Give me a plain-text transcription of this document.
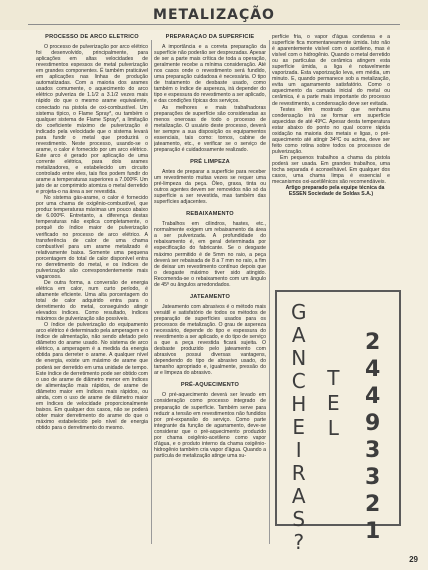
METALIZAÇÃO
PROCESSO DE ARCO ELÉTRICO

O processo de pulverização por arco elétrico foi desenvolvido, principalmente, para aplicações em altas velocidades de revestimentos espessos de metal pulverização em grandes componentes. É também praticável em aplicações nas linhas de produção automatizadas. Com a maioria dos arames usados comumente, o aquecimento do arco elétrico pulveriza de 1.1/2 a 3.1/2 vezes mais rápido do que o mesmo arame equivalente, conectado na pistola de oxi-combustível. Um sistema típico, o Flame Spray*, ou também o qualquer sistema de Flame Spray*, a limitação do coeficiente máximo de pulverização é indicado pela velocidade que o sistema levará para fundir o metal que produzirá o revestimento. Neste processo, usando-se o arame, o calor é fornecido por um arco elétrico. Este arco é gerado por aplicação de uma corrente elétrica, para dois arames metalizadores, e estabelecido um circuito controlado entre eles, tais fios podem fundir do arame a temperaturas superiores a 7.000ºF. Um jato de ar comprimido atomiza o metal derretido e projeta-o na área a ser revestida.

No sistema gás-arame, o calor é fornecido por uma chama de oxigênio-combustível, que produz temperaturas máximas um pouco abaixo de 6.000ºF. Entretanto, a diferença destas temperaturas não explica completamente, o porquê do índice maior de pulverização verificado no processo de arco elétrico. A transferência de calor de uma chama combustível para um arame metalizado é relativamente baixa. Somente uma pequena porcentagem do total de calor disponível entra no derretimento do metal, e os índices de pulverização são correspondentemente mais vagarosos.

De outra forma, a conversão de energia elétrica em calor, num curto período, é altamente eficiente. Uma alta porcentagem do total de calor adquirido entra para o derretimento do metal, conseguindo atingir elevados índices. Como resultado, índices máximos de pulverização são possíveis.

O índice de pulverização do equipamento arco elétrico é determinado pela amperagem e o índice de alimentação, não sendo afetado pelo diâmetro do arame usado. No sistema de arco elétrico, a amperagem é a medida da energia obtida para derreter o arame. A qualquer nível de energia, existe um máximo de arame que poderá ser derretido em uma unidade de tempo. Este índice de derretimento pode ser obtido com o uso de arame de diâmetro menor em índices de alimentação mais rápidos, de arame de diâmetro maior em índices mais rápidos, ou ainda, com o uso de arame de diâmetro maior em índices de velocidade proporcionalmente baixos. Em qualquer dos casos, não se poderá obter maior derretimento do arame do que o máximo estabelecido pelo nível de energia obtido para o derretimento do mesmo.

PREPARAÇÃO DA SUPERFÍCIE

A importância e a correta preparação da superfície não poderão ser desprezadas. Apesar de ser a parte mais crítica de toda a operação, geralmente recebe a mínima consideração. Até nos casos onde o revestimento será fundido, uma preparação cuidadosa é necessária. O tipo de tratamento de desbaste usado, como também o índice de aspereza, irá depender do tipo e espessura do revestimento a ser aplicado, e das condições típicas dos serviços.

As melhores e mais trabalhadoras preparações de superfície são consideradas as menos onerosas de todo o processo de metalização. O usuário deste processo, deverá ter sempre a sua disposição os equipamentos essenciais, tais como: tornos, cabine de jateamento, etc., e verificar se o serviço de preparação é cuidadosamente realizado.

PRÉ LIMPEZA

Antes de preparar a superfície para receber um revestimento muitas vezes se requer uma pré-limpeza da peça. Óleo, graxa, tinta ou outros agentes devem ser removidos não só da superfície a ser revestida, mas também das superfícies adjacentes.

REBAIXAMENTO

Trabalhos em cilindros, hastes, etc., normalmente exigem um rebaixamento da área a ser pulverizada. A profundidade do rebaixamento é, em geral determinada por especificação do fabricante. Se o desgaste máximo permitido é de 5mm no raio, a peça deverá ser rebaixada de 8 a 7 mm no raio, a fim de deixar um revestimento contínuo depois que o desgaste máximo tiver sido atingido. Recomenda-se o rebaixamento com um ângulo de 45º ou ângulos arredondados.

JATEAMENTO

Jateamento com abrasivos é o método mais versátil e satisfatório de todos os métodos de preparação de superfícies usados para os processos de metalização. O grau de aspereza necessário, depende do tipo e espessura do revestimento a ser aplicado, e do tipo de serviço a que a peça revestida ficará sujeita. O desbaste produzido pelo jateamento com abrasivos possui diversas vantagens, dependendo do tipo de abrasivo usado, do tamanho apropriado e, igualmente, pressão do ar e limpeza do abrasivo.

PRÉ-AQUECIMENTO

O pré-aquecimento deverá ser levado em consideração como processo integrado de preparação de superfície. Também serve para reduzir a tensão em revestimentos não fundidos por pré-expansão do serviço. Como parte integrante da função de agarramento, deve-se considerar que o pré-aquecimento produzido por chama oxigênio-acetileno como vapor d'água, e o produto interno da chama oxigênio-hidrogênio também cria vapor d'água. Quando a partícula de metalização atinge uma su-

perfície fria, o vapor d'água condensa e a superfície fica momentaneamente úmida. Isto não é aparentemente visível com o acetileno, mas é visível com o hidrogênio. Quando o metal derretido ou as partículas de cerâmica atingem esta superfície úmida, a liga é notavelmente vaporizada. Esta vaporização leva, em média, um minuto. E, quando permanece sob a metalização, evita um agarramento satisfatório. Como o aquecimento da camada inicial do metal ou cerâmica, é a parte mais importante do processo de revestimento, a condensação deve ser evitada.

Testes têm mostrado que nenhuma condensação irá se formar em superfície aquecidas de até 49ºC. Apesar desta temperatura estar abaixo do ponto no qual ocorre rápida oxidação na maioria dos metais e ligas, o pré-aquecimento até atingir 34ºC ou acima, deve ser feito como rotina sobre todos os processos de pulverização.

Em pequenos trabalhos a chama da pistola poderá ser usada. Em grandes trabalhos, uma tocha separada é aconselhável. Em qualquer dos casos, uma chama limpa é essencial e mecanismos oxi-acetilênicos são recomendáveis.

Artigo preparado pela equipe técnica da ESSEN Sociedade de Soldas S.A.)

G
A
N
C
H
E
I
R
A
S
?
T
E
L
2
4
4
9
3
3
2
1
29
